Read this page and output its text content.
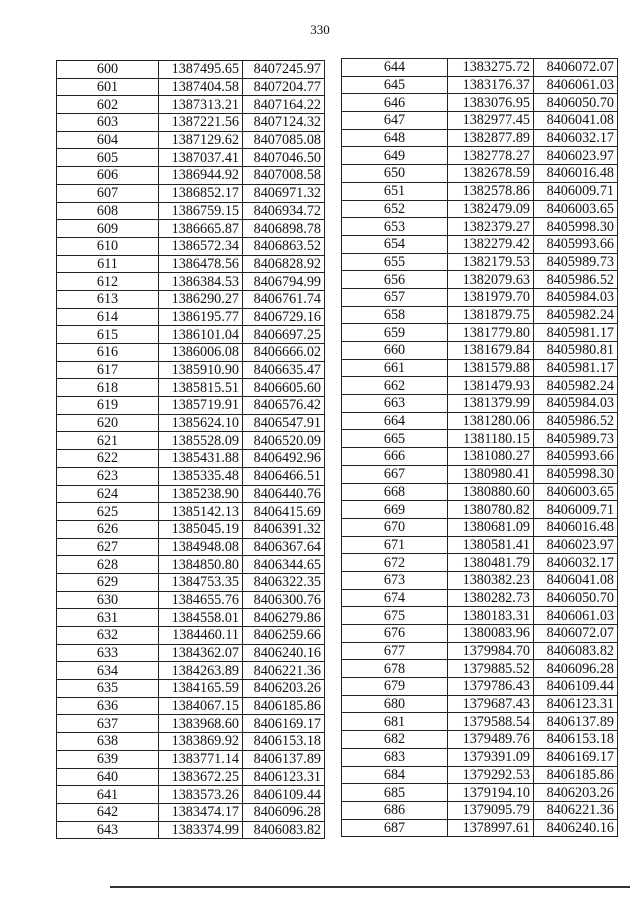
330
600	1387495.65	8407245.97
601	1387404.58	8407204.77
602	1387313.21	8407164.22
603	1387221.56	8407124.32
604	1387129.62	8407085.08
605	1387037.41	8407046.50
606	1386944.92	8407008.58
607	1386852.17	8406971.32
608	1386759.15	8406934.72
609	1386665.87	8406898.78
610	1386572.34	8406863.52
611	1386478.56	8406828.92
612	1386384.53	8406794.99
613	1386290.27	8406761.74
614	1386195.77	8406729.16
615	1386101.04	8406697.25
616	1386006.08	8406666.02
617	1385910.90	8406635.47
618	1385815.51	8406605.60
619	1385719.91	8406576.42
620	1385624.10	8406547.91
621	1385528.09	8406520.09
622	1385431.88	8406492.96
623	1385335.48	8406466.51
624	1385238.90	8406440.76
625	1385142.13	8406415.69
626	1385045.19	8406391.32
627	1384948.08	8406367.64
628	1384850.80	8406344.65
629	1384753.35	8406322.35
630	1384655.76	8406300.76
631	1384558.01	8406279.86
632	1384460.11	8406259.66
633	1384362.07	8406240.16
634	1384263.89	8406221.36
635	1384165.59	8406203.26
636	1384067.15	8406185.86
637	1383968.60	8406169.17
638	1383869.92	8406153.18
639	1383771.14	8406137.89
640	1383672.25	8406123.31
641	1383573.26	8406109.44
642	1383474.17	8406096.28
643	1383374.99	8406083.82
644	1383275.72	8406072.07
645	1383176.37	8406061.03
646	1383076.95	8406050.70
647	1382977.45	8406041.08
648	1382877.89	8406032.17
649	1382778.27	8406023.97
650	1382678.59	8406016.48
651	1382578.86	8406009.71
652	1382479.09	8406003.65
653	1382379.27	8405998.30
654	1382279.42	8405993.66
655	1382179.53	8405989.73
656	1382079.63	8405986.52
657	1381979.70	8405984.03
658	1381879.75	8405982.24
659	1381779.80	8405981.17
660	1381679.84	8405980.81
661	1381579.88	8405981.17
662	1381479.93	8405982.24
663	1381379.99	8405984.03
664	1381280.06	8405986.52
665	1381180.15	8405989.73
666	1381080.27	8405993.66
667	1380980.41	8405998.30
668	1380880.60	8406003.65
669	1380780.82	8406009.71
670	1380681.09	8406016.48
671	1380581.41	8406023.97
672	1380481.79	8406032.17
673	1380382.23	8406041.08
674	1380282.73	8406050.70
675	1380183.31	8406061.03
676	1380083.96	8406072.07
677	1379984.70	8406083.82
678	1379885.52	8406096.28
679	1379786.43	8406109.44
680	1379687.43	8406123.31
681	1379588.54	8406137.89
682	1379489.76	8406153.18
683	1379391.09	8406169.17
684	1379292.53	8406185.86
685	1379194.10	8406203.26
686	1379095.79	8406221.36
687	1378997.61	8406240.16
